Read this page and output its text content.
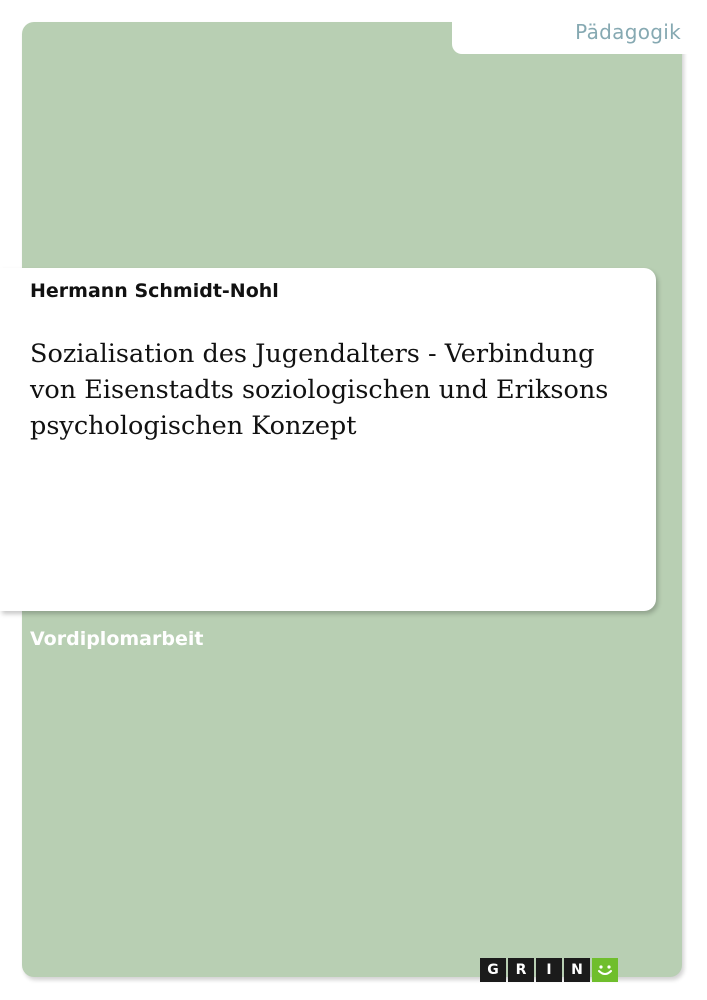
Pädagogik
Hermann Schmidt-Nohl
Sozialisation des Jugendalters - Verbindung von Eisenstadts soziologischen und Eriksons psychologischen Konzept
Vordiplomarbeit
G	R	I	N
